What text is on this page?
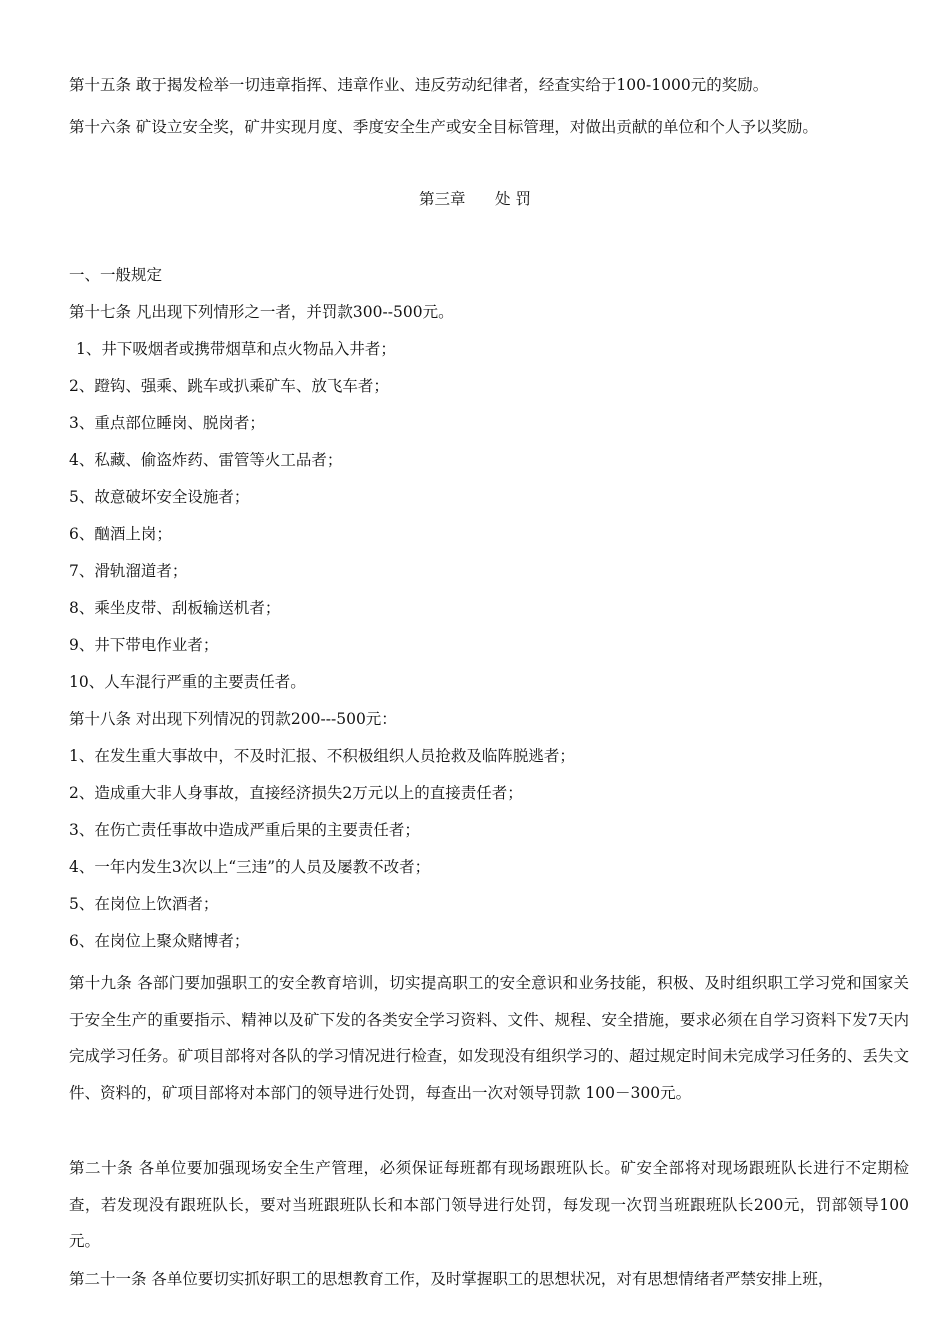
第十五条 敢于揭发检举一切违章指挥、违章作业、违反劳动纪律者，经查实给于100-1000元的奖励。
第十六条 矿设立安全奖，矿井实现月度、季度安全生产或安全目标管理，对做出贡献的单位和个人予以奖励。
第三章      处 罚
一、一般规定
第十七条 凡出现下列情形之一者，并罚款300--500元。
1、井下吸烟者或携带烟草和点火物品入井者；
2、蹬钩、强乘、跳车或扒乘矿车、放飞车者；
3、重点部位睡岗、脱岗者；
4、私藏、偷盗炸药、雷管等火工品者；
5、故意破坏安全设施者；
6、酗酒上岗；
7、滑轨溜道者；
8、乘坐皮带、刮板输送机者；
9、井下带电作业者；
10、人车混行严重的主要责任者。
第十八条 对出现下列情况的罚款200---500元：
1、在发生重大事故中，不及时汇报、不积极组织人员抢救及临阵脱逃者；
2、造成重大非人身事故，直接经济损失2万元以上的直接责任者；
3、在伤亡责任事故中造成严重后果的主要责任者；
4、一年内发生3次以上“三违”的人员及屡教不改者；
5、在岗位上饮酒者；
6、在岗位上聚众赌博者；
第十九条 各部门要加强职工的安全教育培训，切实提高职工的安全意识和业务技能，积极、及时组织职工学习党和国家关于安全生产的重要指示、精神以及矿下发的各类安全学习资料、文件、规程、安全措施，要求必须在自学习资料下发7天内完成学习任务。矿项目部将对各队的学习情况进行检查，如发现没有组织学习的、超过规定时间未完成学习任务的、丢失文件、资料的，矿项目部将对本部门的领导进行处罚，每查出一次对领导罚款 100－300元。
第二十条 各单位要加强现场安全生产管理，必须保证每班都有现场跟班队长。矿安全部将对现场跟班队长进行不定期检查，若发现没有跟班队长，要对当班跟班队长和本部门领导进行处罚，每发现一次罚当班跟班队长200元，罚部领导100元。
第二十一条 各单位要切实抓好职工的思想教育工作，及时掌握职工的思想状况，对有思想情绪者严禁安排上班，
